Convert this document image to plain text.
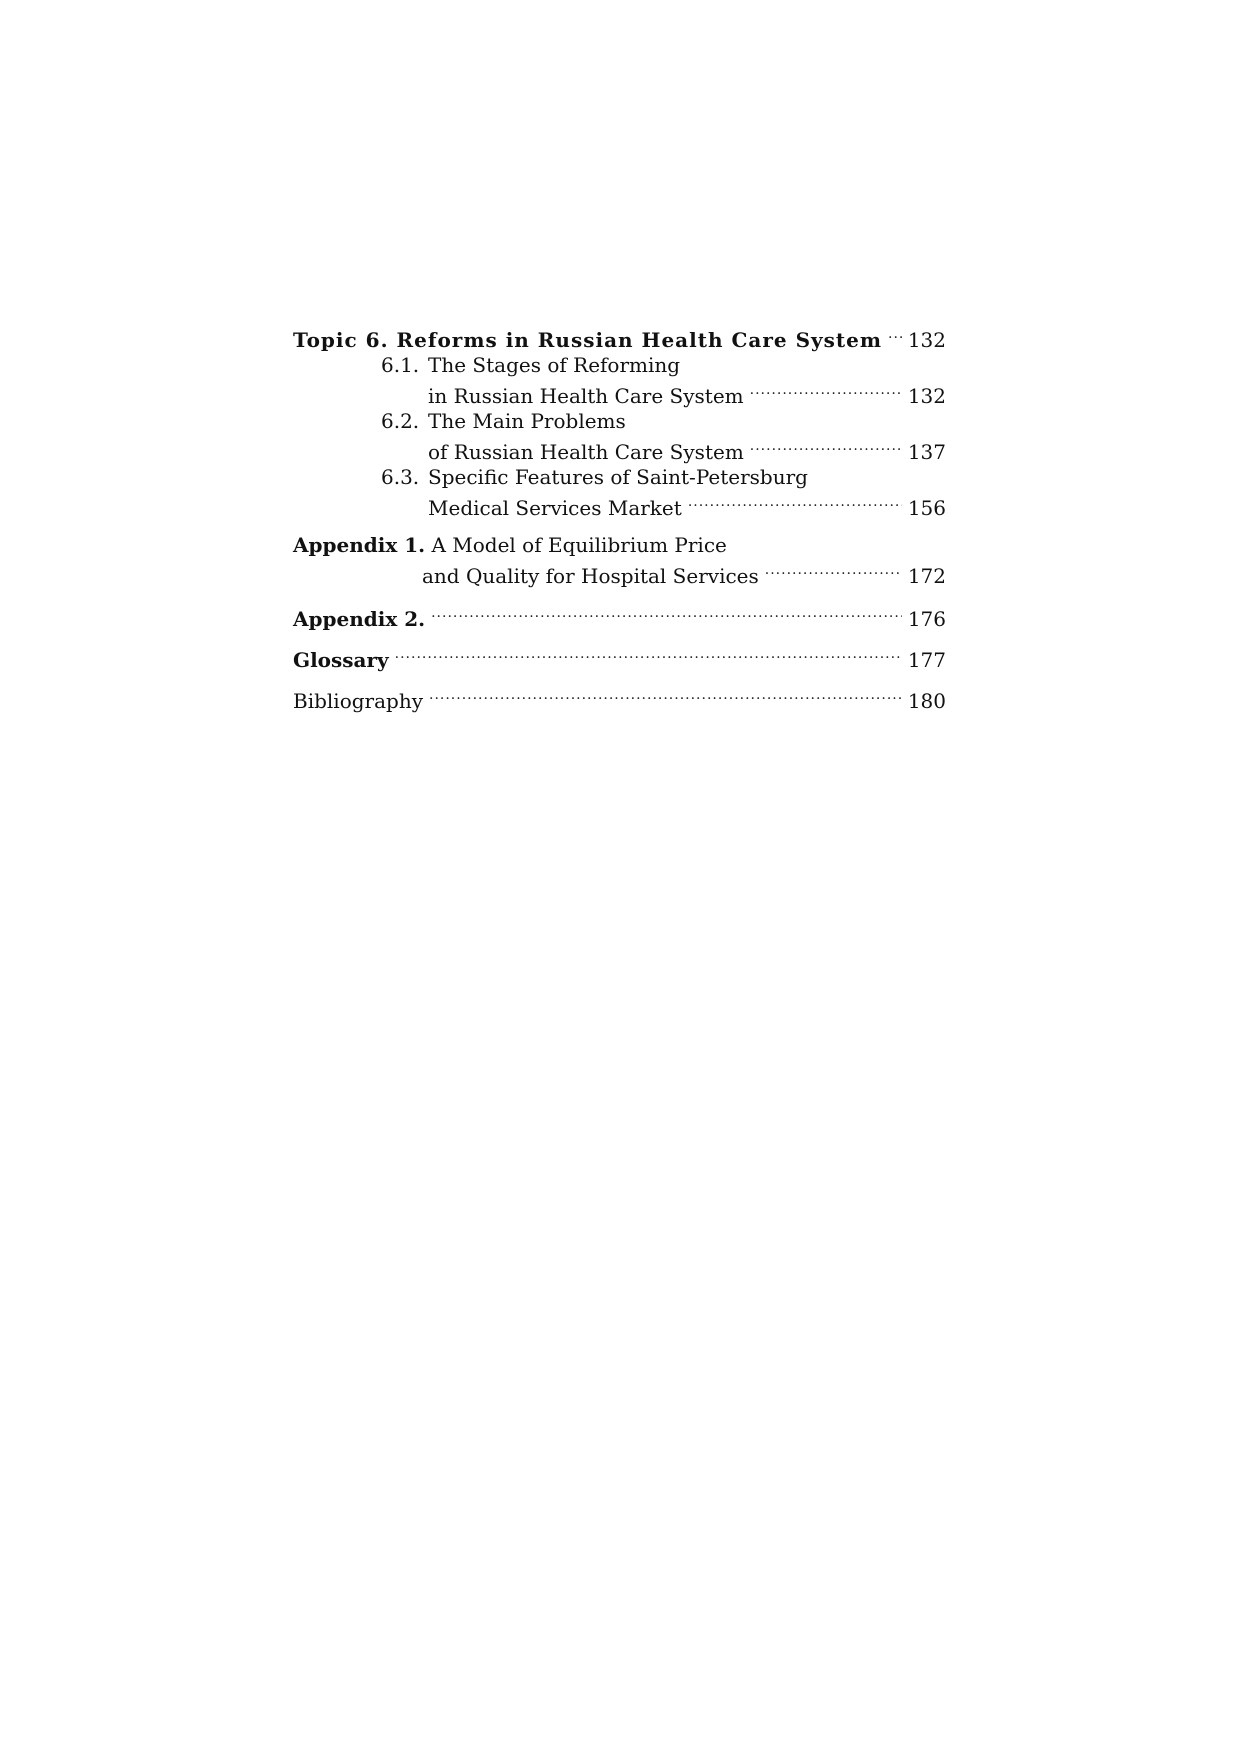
Topic 6. Reforms in Russian Health Care System ..... 132
6.1. The Stages of Reforming
in Russian Health Care System .....	132
6.2. The Main Problems
of Russian Health Care System .....	137
6.3. Specific Features of Saint-Petersburg
Medical Services Market .....	156
Appendix 1. A Model of Equilibrium Price
and Quality for Hospital Services .....	172
Appendix 2. .....	176
Glossary .....	177
Bibliography .....	180
